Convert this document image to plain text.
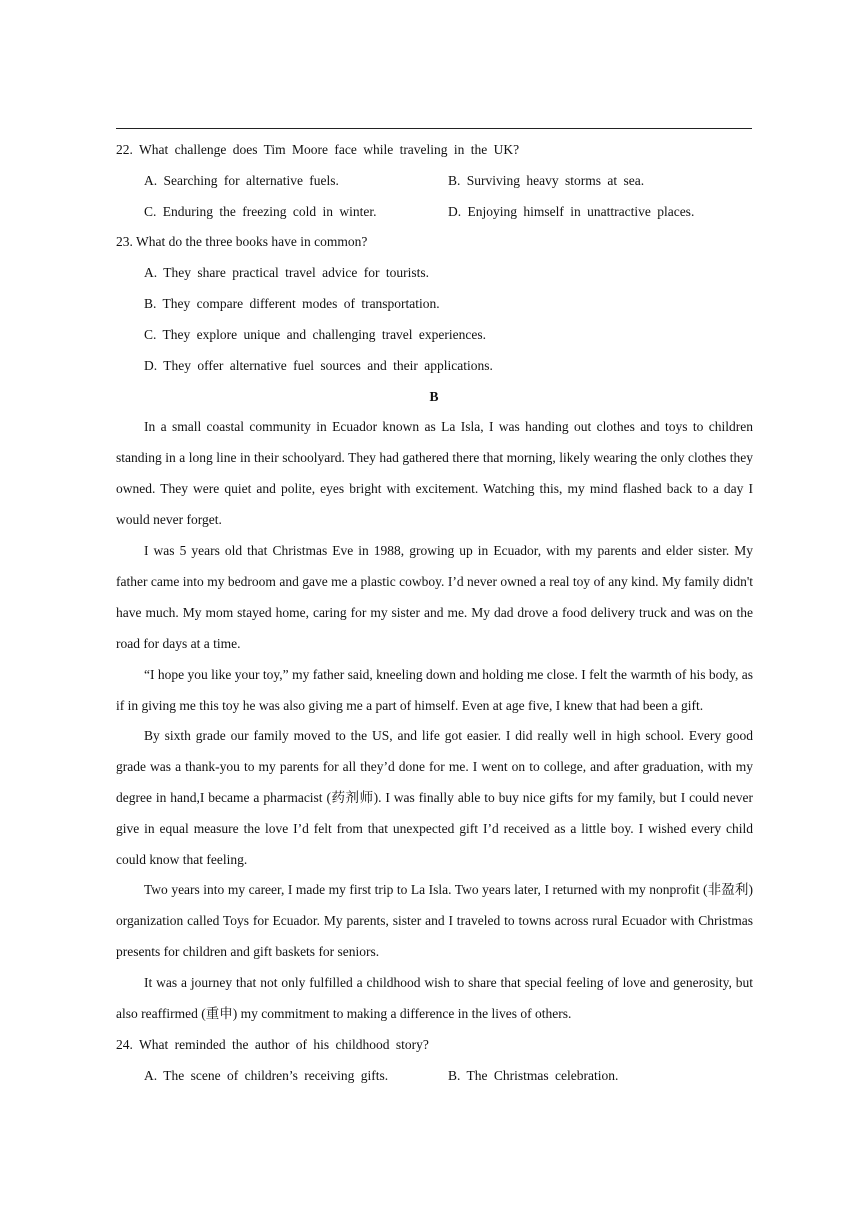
22. What challenge does Tim Moore face while traveling in the UK?
A. Searching for alternative fuels.	B. Surviving heavy storms at sea.
C. Enduring the freezing cold in winter.	D. Enjoying himself in unattractive places.
23. What do the three books have in common?
A. They share practical travel advice for tourists.
B. They compare different modes of transportation.
C. They explore unique and challenging travel experiences.
D. They offer alternative fuel sources and their applications.
B

In a small coastal community in Ecuador known as La Isla, I was handing out clothes and toys to children standing in a long line in their schoolyard. They had gathered there that morning, likely wearing the only clothes they owned. They were quiet and polite, eyes bright with excitement. Watching this, my mind flashed back to a day I would never forget.

I was 5 years old that Christmas Eve in 1988, growing up in Ecuador, with my parents and elder sister. My father came into my bedroom and gave me a plastic cowboy. I’d never owned a real toy of any kind. My family didn't have much. My mom stayed home, caring for my sister and me. My dad drove a food delivery truck and was on the road for days at a time.

“I hope you like your toy,” my father said, kneeling down and holding me close. I felt the warmth of his body, as if in giving me this toy he was also giving me a part of himself. Even at age five, I knew that had been a gift.

By sixth grade our family moved to the US, and life got easier. I did really well in high school. Every good grade was a thank-you to my parents for all they’d done for me. I went on to college, and after graduation, with my degree in hand,I became a pharmacist (药剂师). I was finally able to buy nice gifts for my family, but I could never give in equal measure the love I’d felt from that unexpected gift I’d received as a little boy. I wished every child could know that feeling.

Two years into my career, I made my first trip to La Isla. Two years later, I returned with my nonprofit (非盈利) organization called Toys for Ecuador. My parents, sister and I traveled to towns across rural Ecuador with Christmas presents for children and gift baskets for seniors.

It was a journey that not only fulfilled a childhood wish to share that special feeling of love and generosity, but also reaffirmed (重申) my commitment to making a difference in the lives of others.

24. What reminded the author of his childhood story?
A. The scene of children’s receiving gifts.	B. The Christmas celebration.
